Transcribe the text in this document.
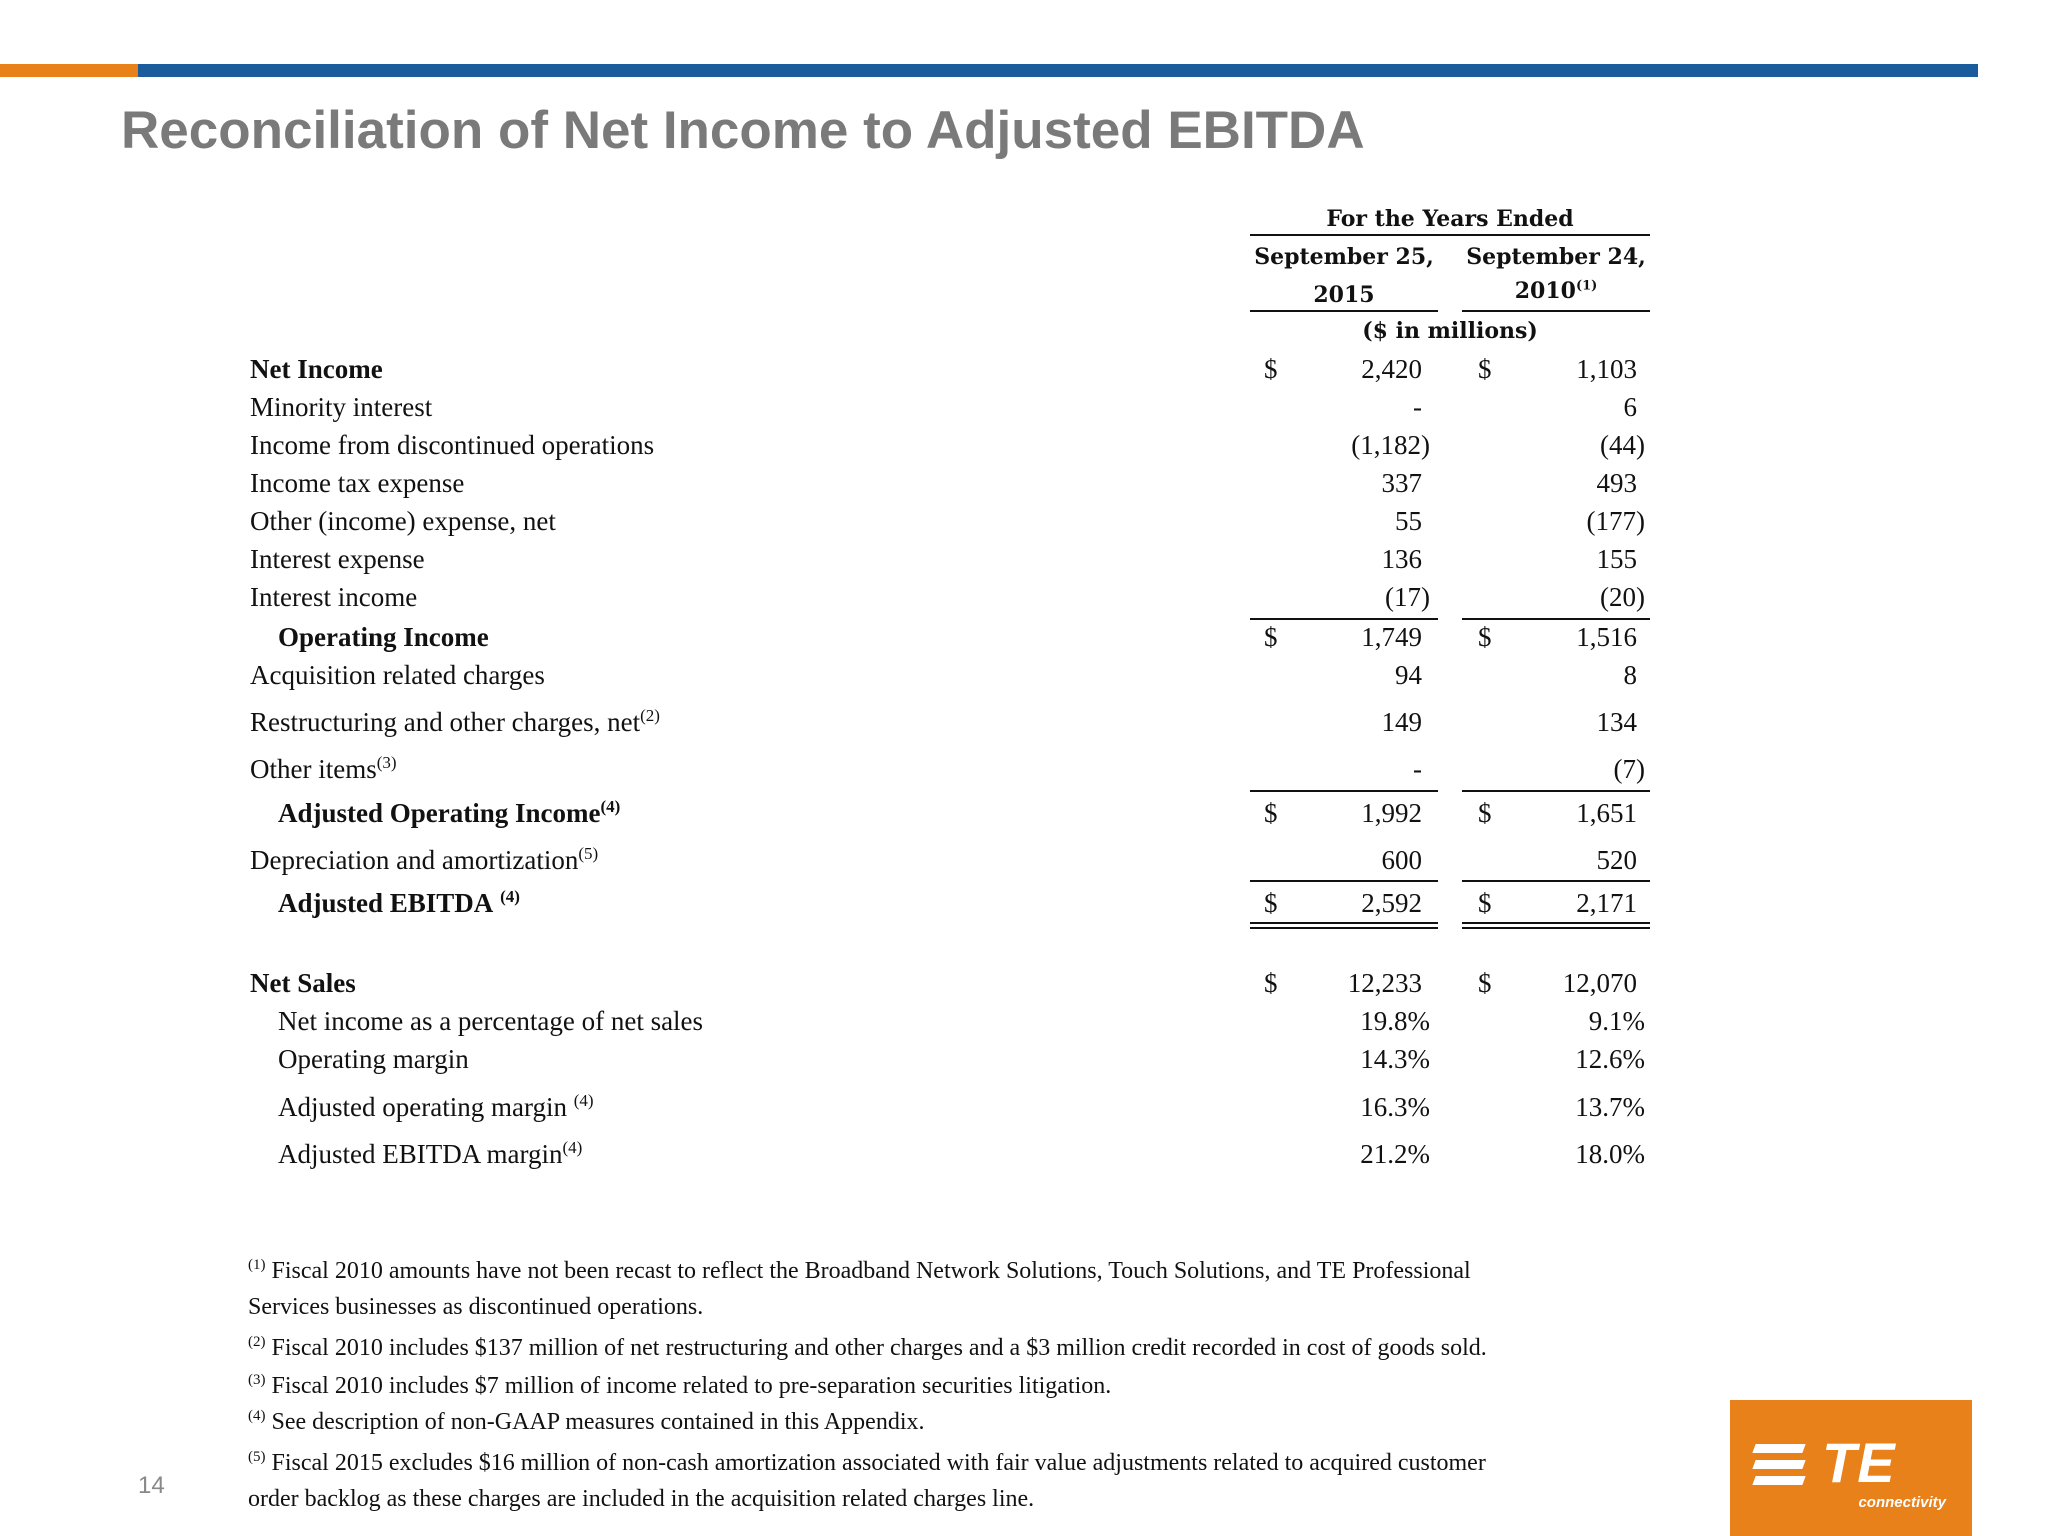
Reconciliation of Net Income to Adjusted EBITDA
For the Years Ended
September 25,
2015
September 24,
2010$^{(1)}$
($ in millions)
Net Income	$	2,420 $	1,103
Minority interest	-	6
Income from discontinued operations	(1,182)	(44)
Income tax expense	337	493
Other (income) expense, net	55	(177)
Interest expense	136	155
Interest income	(17)	(20)
Operating Income	$	1,749 $	1,516
Acquisition related charges	94	8
Restructuring and other charges, net$^{(2)}$	149	134
Other items$^{(3)}$	-	(7)
Adjusted Operating Income$^{(4)}$	$	1,992 $	1,651
Depreciation and amortization$^{(5)}$	600	520
Adjusted EBITDA $^{(4)}$	$	2,592 $	2,171
Net Sales	$	12,233 $	12,070
Net income as a percentage of net sales	19.8%	9.1%
Operating margin	14.3%	12.6%
Adjusted operating margin $^{(4)}$	16.3%	13.7%
Adjusted EBITDA margin$^{(4)}$	21.2%	18.0%
$^{(1)}$ Fiscal 2010 amounts have not been recast to reflect the Broadband Network Solutions, Touch Solutions, and TE Professional
Services businesses as discontinued operations.
$^{(2)}$ Fiscal 2010 includes $137 million of net restructuring and other charges and a $3 million credit recorded in cost of goods sold.
$^{(3)}$ Fiscal 2010 includes $7 million of income related to pre-separation securities litigation.
$^{(4)}$ See description of non-GAAP measures contained in this Appendix.
$^{(5)}$ Fiscal 2015 excludes $16 million of non-cash amortization associated with fair value adjustments related to acquired customer
order backlog as these charges are included in the acquisition related charges line.
14	TE
connectivity
